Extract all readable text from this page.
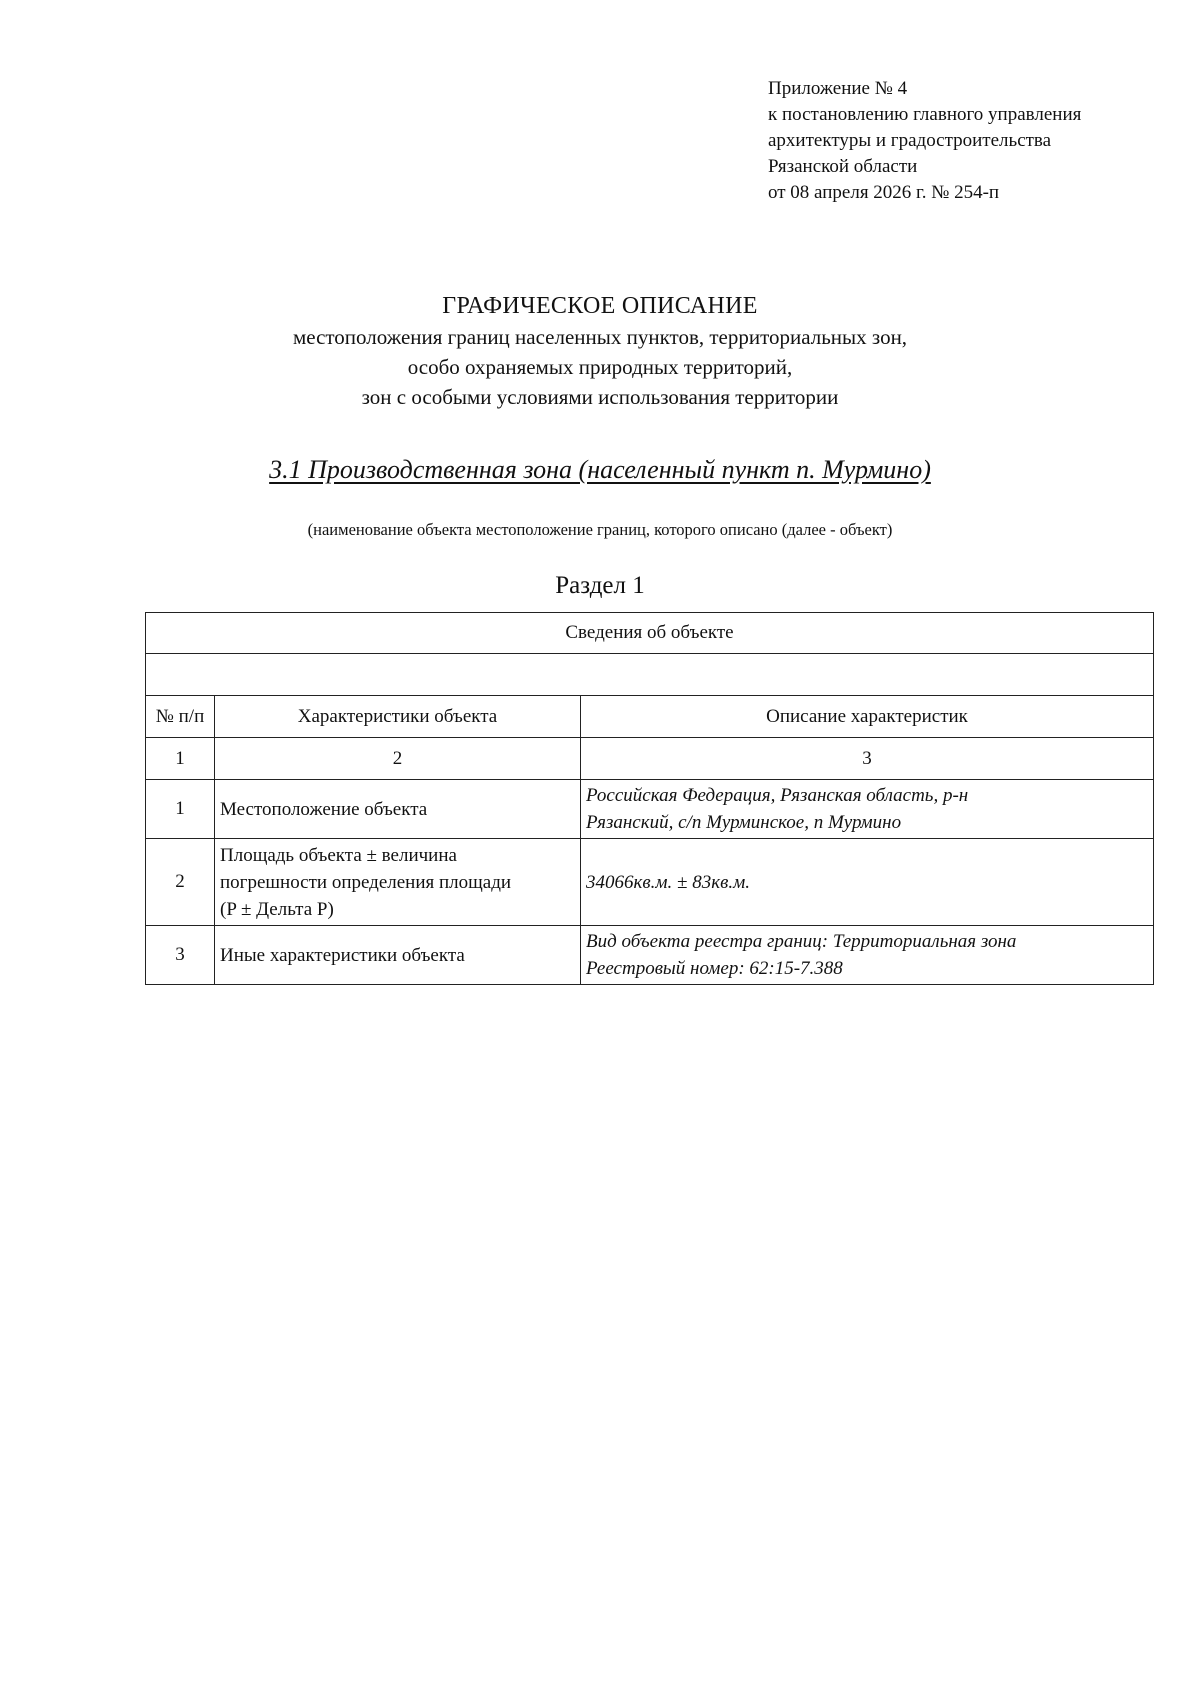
Приложение № 4
к постановлению главного управления
архитектуры и градостроительства
Рязанской области
от 08 апреля 2026 г. № 254-п
ГРАФИЧЕСКОЕ ОПИСАНИЕ
местоположения границ населенных пунктов, территориальных зон,
особо охраняемых природных территорий,
зон с особыми условиями использования территории
3.1 Производственная зона (населенный пункт п. Мурмино)
(наименование объекта местоположение границ, которого описано (далее - объект)
Раздел 1
Сведения об объекте		

№ п/п	Характеристики объекта	Описание характеристик
1	2	3
1	Местоположение объекта	Российская Федерация, Рязанская область, р-н
Рязанский, с/п Мурминское, п Мурмино

2	Площадь объекта ± величина
погрешности определения площади
(P ± Дельта P)	34066кв.м. ± 83кв.м.

3	Иные характеристики объекта	Вид объекта реестра границ: Территориальная зона
Реестровый номер: 62:15-7.388
